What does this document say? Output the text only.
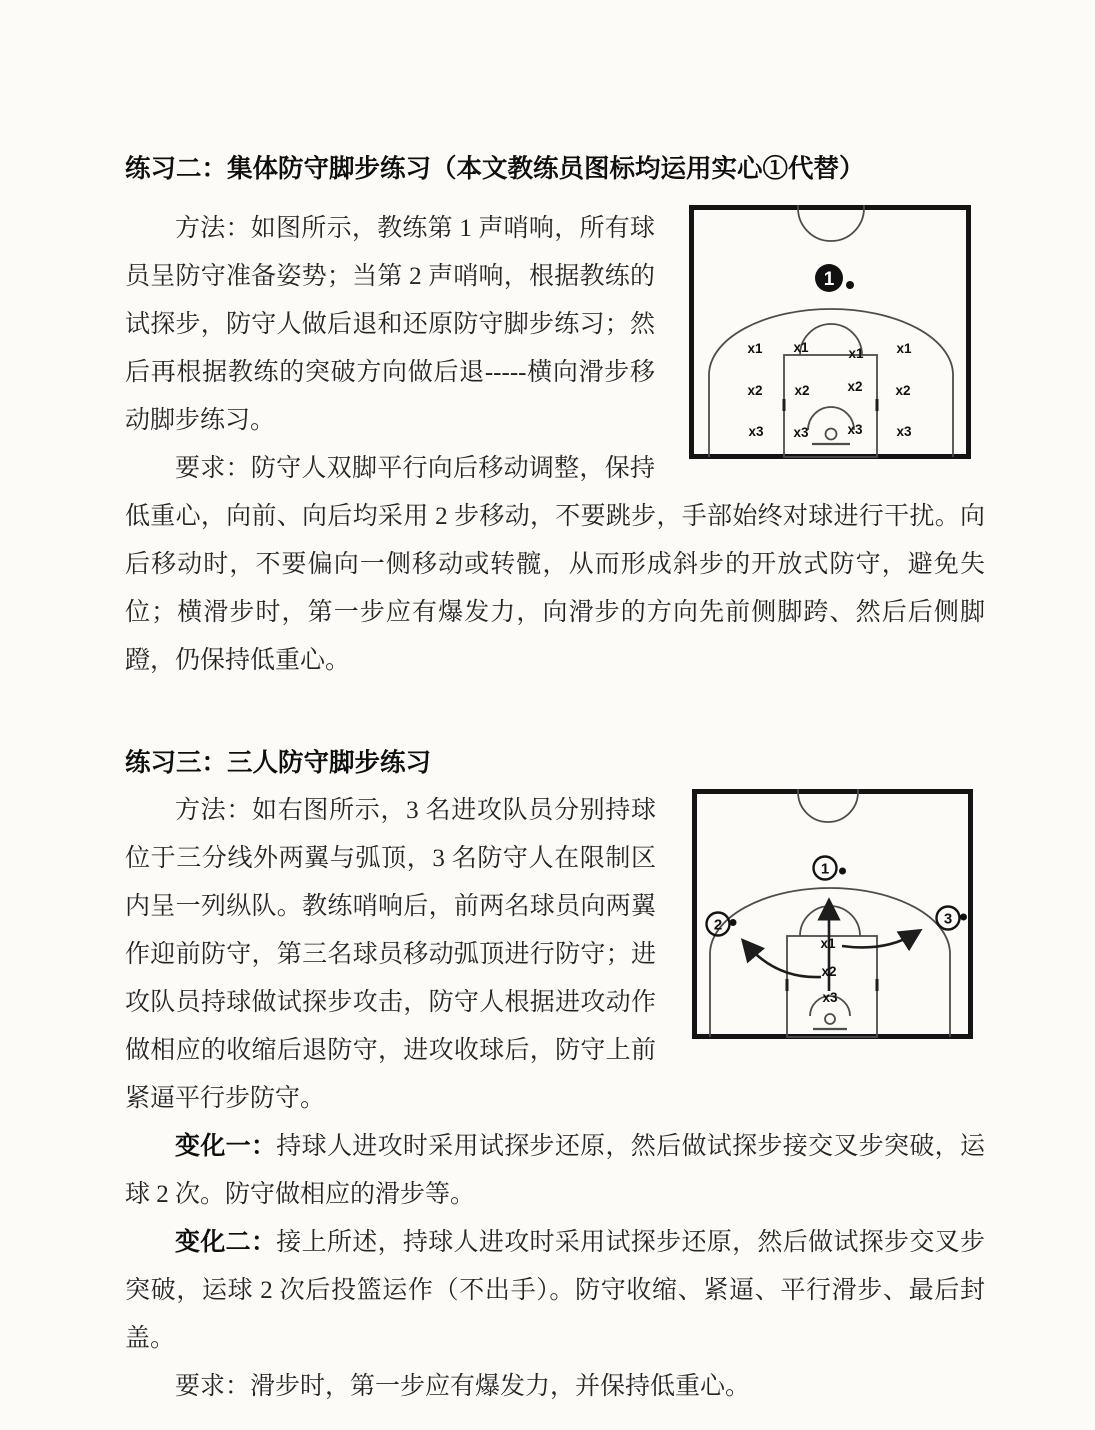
练习二：集体防守脚步练习（本文教练员图标均运用实心①代替）

1
x1 x1	x1 x1
x2 x2	x2 x2
x3 x3	x3	x3
方法：如图所示，教练第 1 声哨响，所有球员呈防守准备姿势；当第 2 声哨响，根据教练的试探步，防守人做后退和还原防守脚步练习；然后再根据教练的突破方向做后退-----横向滑步移动脚步练习。

要求：防守人双脚平行向后移动调整，保持低重心，向前、向后均采用 2 步移动，不要跳步，手部始终对球进行干扰。向后移动时，不要偏向一侧移动或转髋，从而形成斜步的开放式防守，避免失位；横滑步时，第一步应有爆发力，向滑步的方向先前侧脚跨、然后后侧脚蹬，仍保持低重心。

练习三：三人防守脚步练习

1
2	3
x1
x2
x3
方法：如右图所示，3 名进攻队员分别持球位于三分线外两翼与弧顶，3 名防守人在限制区内呈一列纵队。教练哨响后，前两名球员向两翼作迎前防守，第三名球员移动弧顶进行防守；进攻队员持球做试探步攻击，防守人根据进攻动作做相应的收缩后退防守，进攻收球后，防守上前紧逼平行步防守。

变化一：持球人进攻时采用试探步还原，然后做试探步接交叉步突破，运球 2 次。防守做相应的滑步等。

变化二：接上所述，持球人进攻时采用试探步还原，然后做试探步交叉步突破，运球 2 次后投篮运作（不出手）。防守收缩、紧逼、平行滑步、最后封盖。

要求：滑步时，第一步应有爆发力，并保持低重心。
